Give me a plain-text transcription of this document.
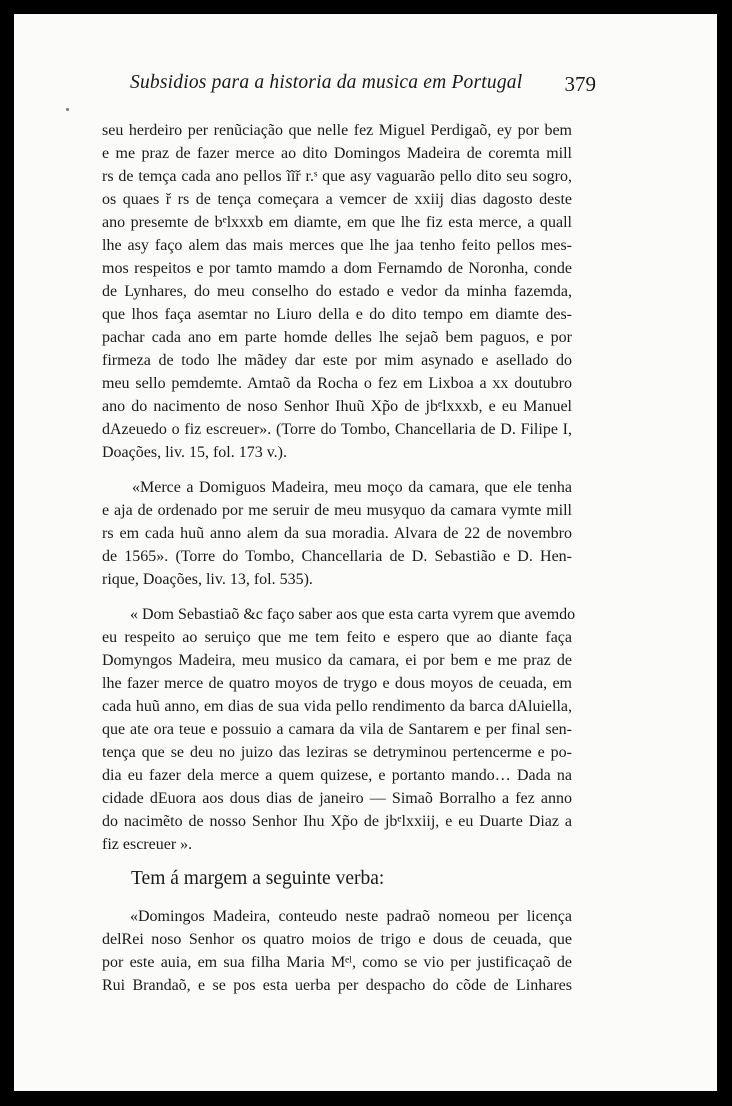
Subsidios para a historia da musica em Portugal 379
seu herdeiro per renũciação que nelle fez Miguel Perdigaõ, ey por bem
e me praz de fazer merce ao dito Domingos Madeira de coremta mill
rs de temça cada ano pellos ĩĩř r.ˢ que asy vaguarão pello dito seu sogro,
os quaes ř rs de tença começara a vemcer de xxiij dias dagosto deste
ano presemte de bᵉlxxxb em diamte, em que lhe fiz esta merce, a quall
lhe asy faço alem das mais merces que lhe jaa tenho feito pellos mes-
mos respeitos e por tamto mamdo a dom Fernamdo de Noronha, conde
de Lynhares, do meu conselho do estado e vedor da minha fazemda,
que lhos faça asemtar no Liuro della e do dito tempo em diamte des-
pachar cada ano em parte homde delles lhe sejaõ bem paguos, e por
firmeza de todo lhe mãdey dar este por mim asynado e asellado do
meu sello pemdemte. Amtaõ da Rocha o fez em Lixboa a xx doutubro
ano do nacimento de noso Senhor Ihuũ Xp̃o de jbᵉlxxxb, e eu Manuel
dAzeuedo o fiz escreuer». (Torre do Tombo, Chancellaria de D. Filipe I,
Doações, liv. 15, fol. 173 v.).
«Merce a Domiguos Madeira, meu moço da camara, que ele tenha
e aja de ordenado por me seruir de meu musyquo da camara vymte mill
rs em cada huũ anno alem da sua moradia. Alvara de 22 de novembro
de 1565». (Torre do Tombo, Chancellaria de D. Sebastião e D. Hen-
rique, Doações, liv. 13, fol. 535).
« Dom Sebastiaõ &c faço saber aos que esta carta vyrem que avemdo
eu respeito ao seruiço que me tem feito e espero que ao diante faça
Domyngos Madeira, meu musico da camara, ei por bem e me praz de
lhe fazer merce de quatro moyos de trygo e dous moyos de ceuada, em
cada huũ anno, em dias de sua vida pello rendimento da barca dAluiella,
que ate ora teue e possuio a camara da vila de Santarem e per final sen-
tença que se deu no juizo das leziras se detryminou pertencerme e po-
dia eu fazer dela merce a quem quizese, e portanto mando… Dada na
cidade dEuora aos dous dias de janeiro — Simaõ Borralho a fez anno
do nacimẽto de nosso Senhor Ihu Xp̃o de jbᵉlxxiij, e eu Duarte Diaz a
fiz escreuer ».
Tem á margem a seguinte verba:
«Domingos Madeira, conteudo neste padraõ nomeou per licença
delRei noso Senhor os quatro moios de trigo e dous de ceuada, que
por este auia, em sua filha Maria Mᵉˡ, como se vio per justificaçaõ de
Rui Brandaõ, e se pos esta uerba per despacho do cõde de Linhares
